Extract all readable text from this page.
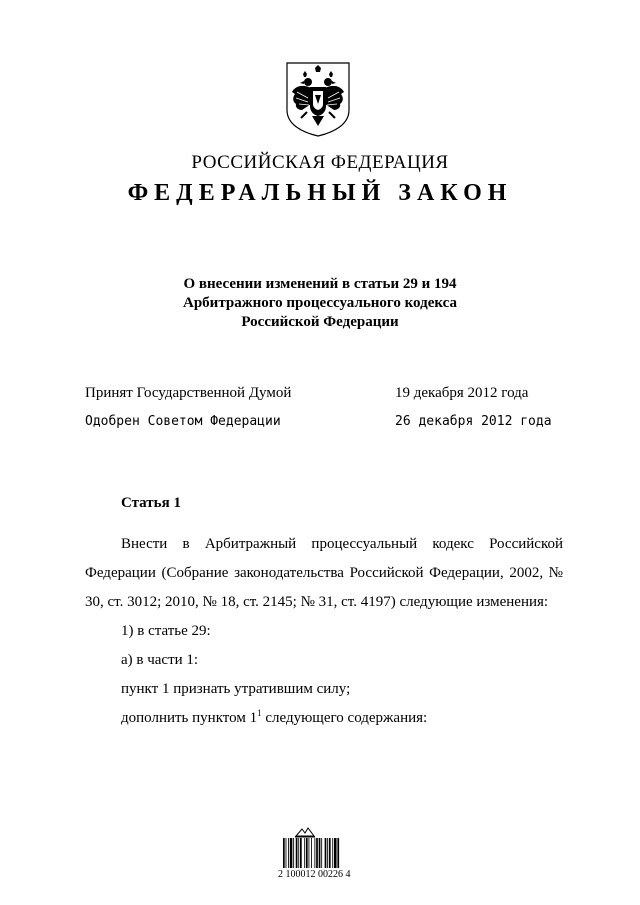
РОССИЙСКАЯ ФЕДЕРАЦИЯ
ФЕДЕРАЛЬНЫЙ ЗАКОН
О внесении изменений в статьи 29 и 194
Арбитражного процессуального кодекса
Российской Федерации
Принят Государственной Думой	19 декабря 2012 года
Одобрен Советом Федерации	26 декабря 2012 года
Статья 1

Внести в Арбитражный процессуальный кодекс Российской Федерации (Собрание законодательства Российской Федерации, 2002, № 30, ст. 3012; 2010, № 18, ст. 2145; № 31, ст. 4197) следующие изменения:

1) в статье 29:

а) в части 1:

пункт 1 признать утратившим силу;

дополнить пунктом $1^1$ следующего содержания:

2 100012 00226 4
